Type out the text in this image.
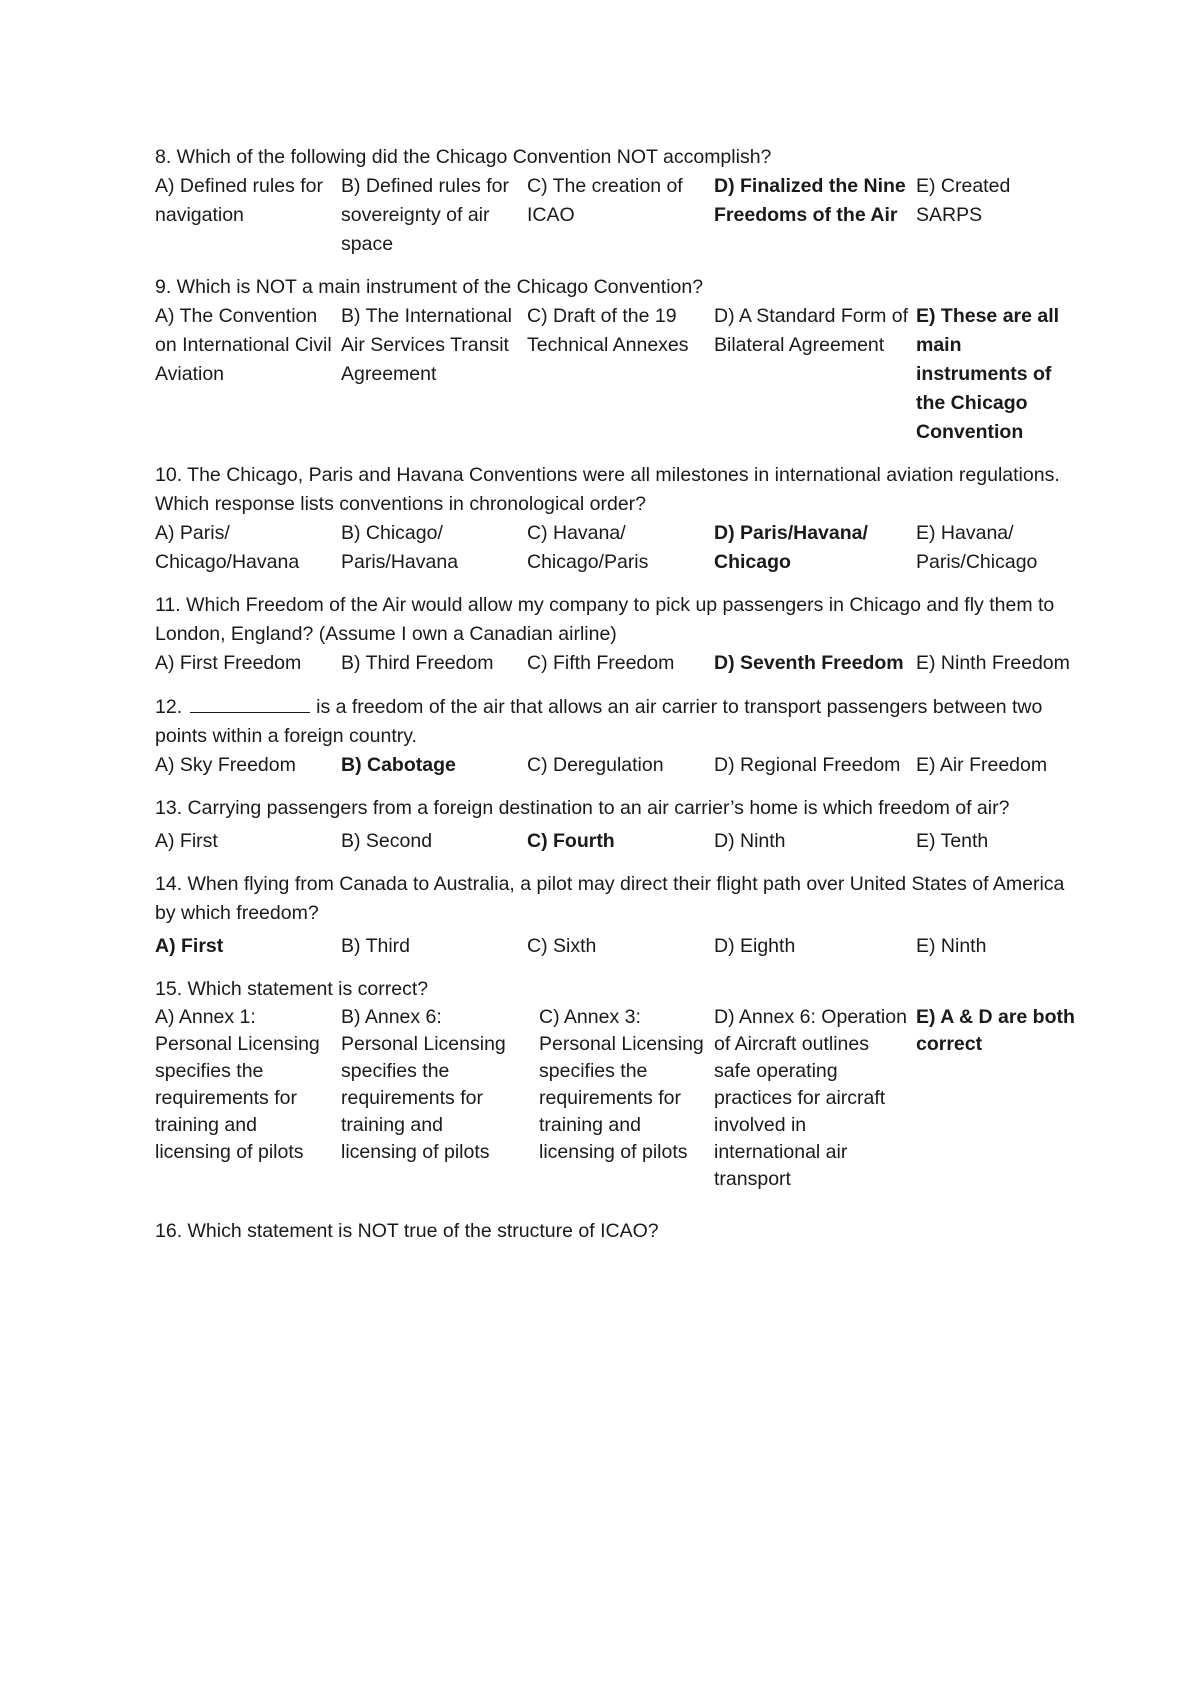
8. Which of the following did the Chicago Convention NOT accomplish?

A) Defined rules for navigation
B) Defined rules for sovereignty of air space
C) The creation of ICAO
D) Finalized the Nine Freedoms of the Air
E) Created SARPS

9. Which is NOT a main instrument of the Chicago Convention?

A) The Convention on International Civil Aviation
B) The International Air Services Transit Agreement
C) Draft of the 19 Technical Annexes
D) A Standard Form of Bilateral Agreement
E) These are all main instruments of the Chicago Convention

10. The Chicago, Paris and Havana Conventions were all milestones in international aviation regulations. Which response lists conventions in chronological order?

A) Paris/ Chicago/Havana
B) Chicago/ Paris/Havana
C) Havana/ Chicago/Paris
D) Paris/Havana/ Chicago
E) Havana/ Paris/Chicago

11. Which Freedom of the Air would allow my company to pick up passengers in Chicago and fly them to London, England? (Assume I own a Canadian airline)

A) First Freedom	B) Third Freedom	C) Fifth Freedom	D) Seventh Freedom E) Ninth Freedom

12.	is a freedom of the air that allows an air carrier to transport passengers between two points within a foreign country.

A) Sky Freedom	B) Cabotage	C) Deregulation	D) Regional Freedom E) Air Freedom

13. Carrying passengers from a foreign destination to an air carrier’s home is which freedom of air?

A) First	B) Second	C) Fourth	D) Ninth	E) Tenth

14. When flying from Canada to Australia, a pilot may direct their flight path over United States of America by which freedom?

A) First	B) Third	C) Sixth	D) Eighth	E) Ninth

15. Which statement is correct?

A) Annex 1: Personal Licensing specifies the requirements for training and licensing of pilots
B) Annex 6: Personal Licensing specifies the requirements for training and licensing of pilots
C) Annex 3: Personal Licensing specifies the requirements for training and licensing of pilots
D) Annex 6: Operation of Aircraft outlines safe operating practices for aircraft involved in international air transport
E) A & D are both correct

16. Which statement is NOT true of the structure of ICAO?
